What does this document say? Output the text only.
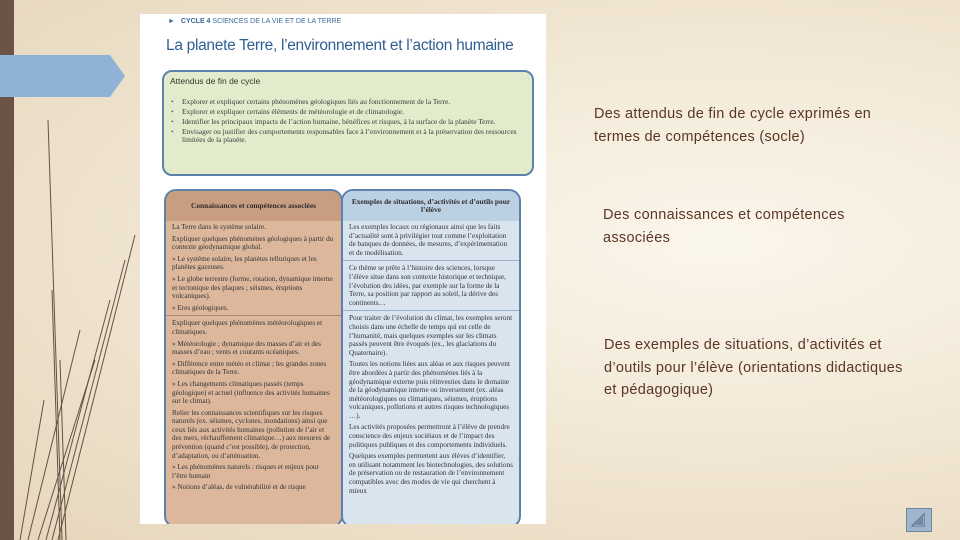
► CYCLE 4 SCIENCES DE LA VIE ET DE LA TERRE
La planete Terre, l’environnement et l’action humaine
Attendus de fin de cycle
• Explorer et expliquer certains phénomènes géologiques liés au fonctionnement de la Terre.
• Explorer et expliquer certains éléments de météorologie et de climatologie.
• Identifier les principaux impacts de l’action humaine, bénéfices et risques, à la surface de la planète Terre.
• Envisager ou justifier des comportements responsables face à l’environnement et à la préservation des ressources limitées de la planète.
Connaissances et compétences associées

La Terre dans le système solaire.

Expliquer quelques phénomènes géologiques à partir du contexte géodynamique global.

» Le système solaire, les planètes telluriques et les planètes gazeuses.

» Le globe terrestre (forme, rotation, dynamique interne et tectonique des plaques ; séismes, éruptions volcaniques).

» Eres géologiques.

Expliquer quelques phénomènes météorologiques et climatiques.

» Météorologie ; dynamique des masses d’air et des masses d’eau ; vents et courants océaniques.

» Différence entre météo et climat ; les grandes zones climatiques de la Terre.

» Les changements climatiques passés (temps géologique) et actuel (influence des activités humaines sur le climat).

Relier les connaissances scientifiques sur les risques naturels (ex. séismes, cyclones, inondations) ainsi que ceux liés aux activités humaines (pollution de l’air et des mers, réchauffement climatique…) aux mesures de prévention (quand c’est possible), de protection, d’adaptation, ou d’atténuation.

» Les phénomènes naturels : risques et enjeux pour l’être humain

» Notions d’aléas, de vulnérabilité et de risque

Exemples de situations, d’activités et d’outils pour l’élève

Les exemples locaux ou régionaux ainsi que les faits d’actualité sont à privilégier tout comme l’exploitation de banques de données, de mesures, d’expérimentation et de modélisation.

Ce thème se prête à l’histoire des sciences, lorsque l’élève situe dans son contexte historique et technique, l’évolution des idées, par exemple sur la forme de la Terre, sa position par rapport au soleil, la dérive des continents…

Pour traiter de l’évolution du climat, les exemples seront choisis dans une échelle de temps qui est celle de l’humanité, mais quelques exemples sur les climats passés peuvent être évoqués (ex., les glaciations du Quaternaire).

Toutes les notions liées aux aléas et aux risques peuvent être abordées à partir des phénomènes liés à la géodynamique externe puis réinvesties dans le domaine de la géodynamique interne ou inversement (ex. aléas météorologiques ou climatiques, séismes, éruptions volcaniques, pollutions et autres risques technologiques …).

Les activités proposées permettront à l’élève de prendre conscience des enjeux sociétaux et de l’impact des politiques publiques et des comportements individuels.

Quelques exemples permettent aux élèves d’identifier, en utilisant notamment les biotechnologies, des solutions de préservation ou de restauration de l’environnement compatibles avec des modes de vie qui cherchent à mieux

Des attendus de fin de cycle exprimés en termes de compétences (socle)
Des connaissances et compétences associées
Des exemples de situations, d’activités et d’outils pour l’élève (orientations didactiques et pédagogique)
